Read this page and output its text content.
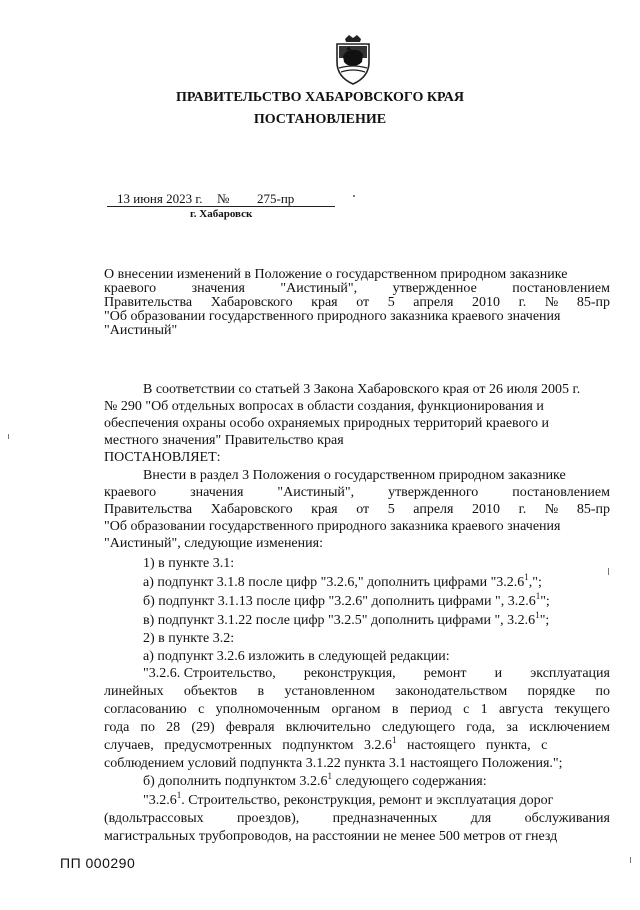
ПРАВИТЕЛЬСТВО ХАБАРОВСКОГО КРАЯ
ПОСТАНОВЛЕНИЕ
13 июня 2023 г. № 275-пр
г. Хабаровск
О внесении изменений в Положение о государственном природном заказнике
краевого	значения	"Аистиный",	утвержденное	постановлением
Правительства Хабаровского края от 5 апреля 2010 г. № 85-пр
"Об образовании государственного природного заказника краевого значения
"Аистиный"
В соответствии со статьей 3 Закона Хабаровского края от 26 июля 2005 г.
№ 290 "Об отдельных вопросах в области создания, функционирования и
обеспечения охраны особо охраняемых природных территорий краевого и
местного значения" Правительство края
ПОСТАНОВЛЯЕТ:
Внести в раздел 3 Положения о государственном природном заказнике
краевого значения "Аистиный", утвержденного постановлением
Правительства Хабаровского края от 5 апреля 2010 г. № 85-пр
"Об образовании государственного природного заказника краевого значения
"Аистиный", следующие изменения:
1) в пункте 3.1:
а) подпункт 3.1.8 после цифр "3.2.6," дополнить цифрами "3.2.6$^1$,";
б) подпункт 3.1.13 после цифр "3.2.6" дополнить цифрами ", 3.2.6$^1$";
в) подпункт 3.1.22 после цифр "3.2.5" дополнить цифрами ", 3.2.6$^1$";
2) в пункте 3.2:
а) подпункт 3.2.6 изложить в следующей редакции:
"3.2.6. Строительство, реконструкция, ремонт и эксплуатация
линейных объектов в установленном законодательством порядке по
согласованию с уполномоченным органом в период с 1 августа текущего
года по 28 (29) февраля включительно следующего года, за исключением
случаев,   предусмотренных   подпунктом   3.2.6$^1$   настоящего   пункта,   с
соблюдением условий подпункта 3.1.22 пункта 3.1 настоящего Положения.";
б) дополнить подпунктом 3.2.6$^1$ следующего содержания:
"3.2.6$^1$. Строительство, реконструкция, ремонт и эксплуатация дорог
(вдольтрассовых проездов), предназначенных для обслуживания
магистральных трубопроводов, на расстоянии не менее 500 метров от гнезд
ПП 000290
